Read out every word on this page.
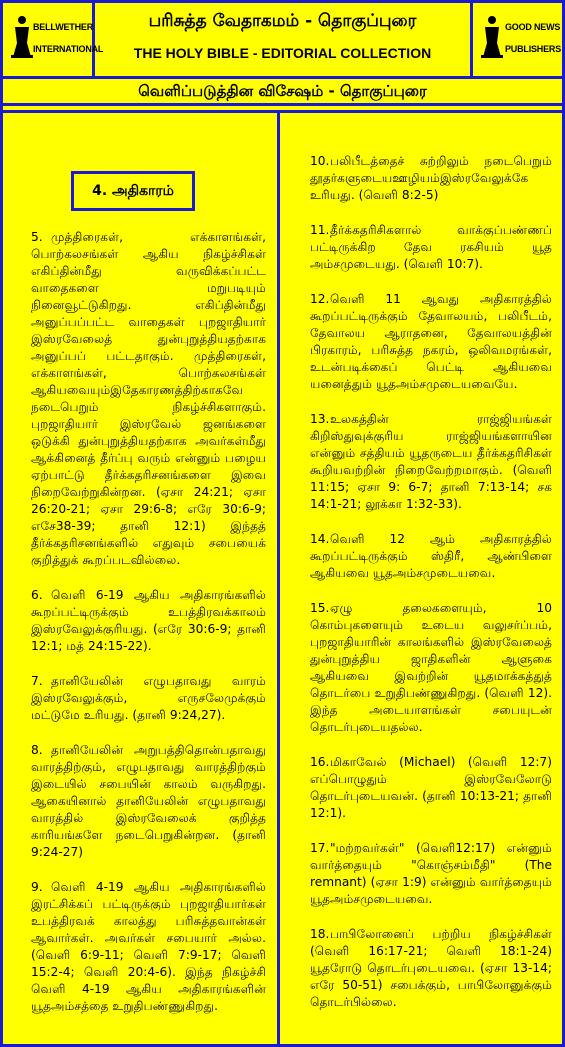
BELLWETHER
INTERNATIONAL
பரிசுத்த வேதாகமம் - தொகுப்புரை
THE HOLY BIBLE - EDITORIAL COLLECTION
GOOD NEWS
PUBLISHERS
வெளிப்படுத்தின விசேஷம் - தொகுப்புரை
4. அதிகாரம்
5. முத்திரைகள், எக்காளங்கள், பொற்கலசங்கள் ஆகிய நிகழ்ச்சிகள் எகிப்தின்மீது வருவிக்கப்பட்ட வாதைகளை மறுபடியும் நினைவூட்டுகிறது. எகிப்தின்மீது அனுப்பப்பட்ட வாதைகள் புறஜாதியார் இஸ்ரவேலைத் துன்புறுத்தியதற்காக அனுப்பப் பட்டதாகும். முத்திரைகள், எக்காளங்கள், பொற்கலசங்கள் ஆகியவையும்இதேகாரணத்திற்காகவே நடைபெறும் நிகழ்ச்சிகளாகும். புறஜாதியார் இஸ்ரவேல் ஜனங்களை ஒடுக்கி துன்புறுத்தியதற்காக அவர்கள்மீது ஆக்கினைத் தீர்ப்பு வரும் என்னும் பழைய ஏற்பாட்டு தீர்க்கதரிசனங்களை இவை நிறைவேற்றுகின்றன. (ஏசா 24:21; ஏசா 26:20-21; ஏசா 29:6-8; எரே 30:6-9; எசே38-39; தானி 12:1) இந்தத் தீர்க்கதரிசனங்களில் எதுவும் சபையைக் குறித்துக் கூறப்படவில்லை.
6. வெளி 6-19 ஆகிய அதிகாரங்களில் கூறப்பட்டிருக்கும் உபத்திரவக்காலம் இஸ்ரவேலுக்குரியது. (எரே 30:6-9; தானி 12:1; மத் 24:15-22).
7. தானியேலின் எழுபதாவது வாரம் இஸ்ரவேலுக்கும், எருசலேமுக்கும் மட்டுமே உரியது. (தானி 9:24,27).
8. தானியேலின் அறுபத்திதொன்பதாவது வாரத்திற்கும், எழுபதாவது வாரத்திற்கும் இடையில் சபையின் காலம் வருகிறது. ஆகையினால் தானியேலின் எழுபதாவது வாரத்தில் இஸ்ரவேலைக் குறித்த காரியங்களே நடைபெறுகின்றன. (தானி 9:24-27)
9. வெளி 4-19 ஆகிய அதிகாரங்களில் இரட்சிக்கப் பட்டிருக்கும் புறஜாதியார்கள் உபத்திரவக் காலத்து பரிசுத்தவான்கள் ஆவார்கள். அவர்கள் சபையார் அல்ல. (வெளி 6:9-11; வெளி 7:9-17; வெளி 15:2-4; வெளி 20:4-6). இந்த நிகழ்ச்சி வெளி 4-19 ஆகிய அதிகாரங்களின் யூதஅம்சத்தை உறுதிபண்ணுகிறது.
10.பலிபீடத்தைச் சுற்றிலும் நடைபெறும் தூதர்களுடையஊழியம்இஸ்ரவேலுக்கே உரியது. (வெளி 8:2-5)
11.தீர்க்கதரிசிகளால் வாக்குப்பண்ணப் பட்டிருக்கிற தேவ ரகசியம் யூத அம்சமுடையது. (வெளி 10:7).
12.வெளி 11 ஆவது அதிகாரத்தில் கூறப்பட்டிருக்கும் தேவாலயம், பலிபீடம், தேவாலய ஆராதனை, தேவாலயத்தின் பிரகாரம், பரிசுத்த நகரம், ஒலிவமரங்கள், உடன்படிக்கைப் பெட்டி ஆகியவை யனைத்தும் யூதஅம்சமுடையவையே.
13.உலகத்தின் ராஜ்ஜியங்கள் கிறிஸ்துவுக்குரிய ராஜ்ஜியங்களாயின என்னும் சத்தியம் யூதருடைய தீர்க்கதரிசிகள் கூறியவற்றின் நிறைவேற்றமாகும். (வெளி 11:15; ஏசா 9: 6-7; தானி 7:13-14; சக 14:1-21; லூக்கா 1:32-33).
14.வெளி 12 ஆம் அதிகாரத்தில் கூறப்பட்டிருக்கும் ஸ்திரீ, ஆண்பிளை ஆகியவை யூதஅம்சமுடையவை.
15.ஏழு தலைகளையும், 10 கொம்புகளையும் உடைய வலுசர்ப்பம், புறஜாதியாரின் காலங்களில் இஸ்ரவேலைத் துன்புறுத்திய ஜாதிகளின் ஆளுகை ஆகியவை இவற்றின் யூதமாக்கத்துத் தொடர்பை உறுதிபண்ணுகிறது. (வெளி 12). இந்த அடையாளங்கள் சபையுடன் தொடர்புடையதல்ல.
16.மிகாவேல் (Michael) (வெளி 12:7) எப்பொழுதும் இஸ்ரவேலோடு தொடர்புடையவன். (தானி 10:13-21; தானி 12:1).
17."மற்றவர்கள்" (வெளி12:17) என்னும் வார்த்தையும் "கொஞ்சம்மீதி" (The remnant) (ஏசா 1:9) என்னும் வார்த்தையும் யூதஅம்சமுடையவை.
18.பாபிலோனைப் பற்றிய நிகழ்ச்சிகள் (வெளி 16:17-21; வெளி 18:1-24) யூதரோடு தொடர்புடையவை. (ஏசா 13-14; எரே 50-51) சபைக்கும், பாபிலோனுக்கும் தொடர்பில்லை.
